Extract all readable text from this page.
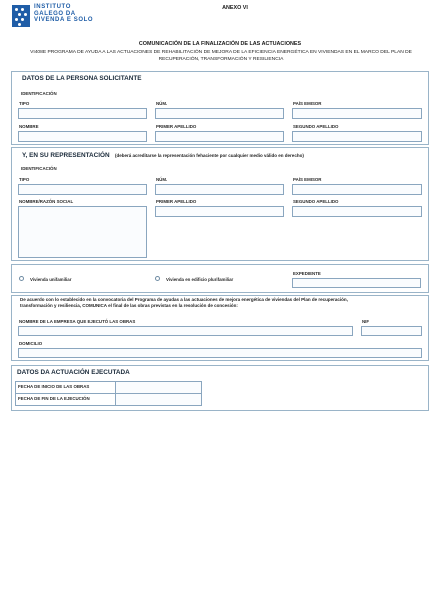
INSTITUTO
GALEGO DA
VIVENDA E SOLO
ANEXO VI
COMUNICACIÓN DE LA FINALIZACIÓN DE LAS ACTUACIONES
VI408E PROGRAMA DE AYUDA A LAS ACTUACIONES DE REHABILITACIÓN DE MEJORA DE LA EFICIENCIA ENERGÉTICA EN VIVIENDAS EN EL MARCO DEL PLAN DE
RECUPERACIÓN, TRANSFORMACIÓN Y RESILIENCIA
DATOS DE LA PERSONA SOLICITANTE
IDENTIFICACIÓN
TIPO	NÚM.	PAÍS EMISOR
NOMBRE	PRIMER APELLIDO	SEGUNDO APELLIDO
Y, EN SU REPRESENTACIÓN (deberá acreditarse la representación fehaciente por cualquier medio válido en derecho)
IDENTIFICACIÓN
TIPO	NÚM.	PAÍS EMISOR
NOMBRE/RAZÓN SOCIAL	PRIMER APELLIDO	SEGUNDO APELLIDO
Vivienda unifamiliar	Vivienda en edificio plurifamiliar
EXPEDIENTE
De acuerdo con lo establecido en la convocatoria del Programa de ayudas a las actuaciones de mejora energética de viviendas del Plan de recuperación,
transformación y resiliencia, COMUNICA el final de las obras previstas en la resolución de concesión:
NOMBRE DE LA EMPRESA QUE EJECUTÓ LAS OBRAS	NIF
DOMICILIO
DATOS DA ACTUACIÓN EJECUTADA
FECHA DE INICIO DE LAS OBRAS
FECHA DE FIN DE LA EJECUCIÓN
